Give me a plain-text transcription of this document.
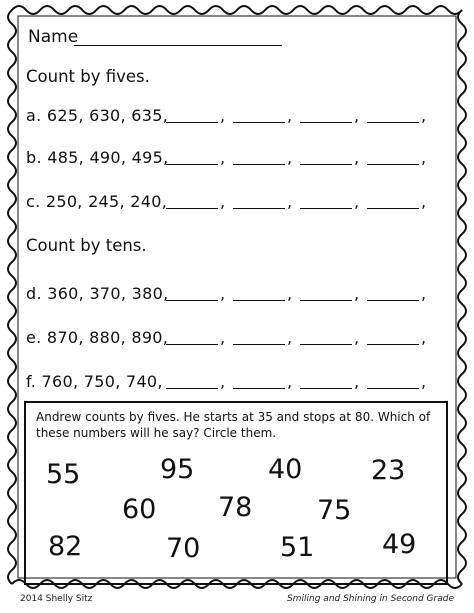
Name
Count by fives.
a. 625, 630, 635,	,	,	,	,
b. 485, 490, 495,	,	,	,	,
c. 250, 245, 240,	,	,	,	,
Count by tens.
d. 360, 370, 380,	,	,	,	,
e. 870, 880, 890,	,	,	,	,
f. 760, 750, 740,	,	,	,	,
Andrew counts by fives. He starts at 35 and stops at 80. Which of
these numbers will he say? Circle them.
55	95	40	23
60 78 75
82	70	51	49
2014 Shelly Sitz	Smiling and Shining in Second Grade
